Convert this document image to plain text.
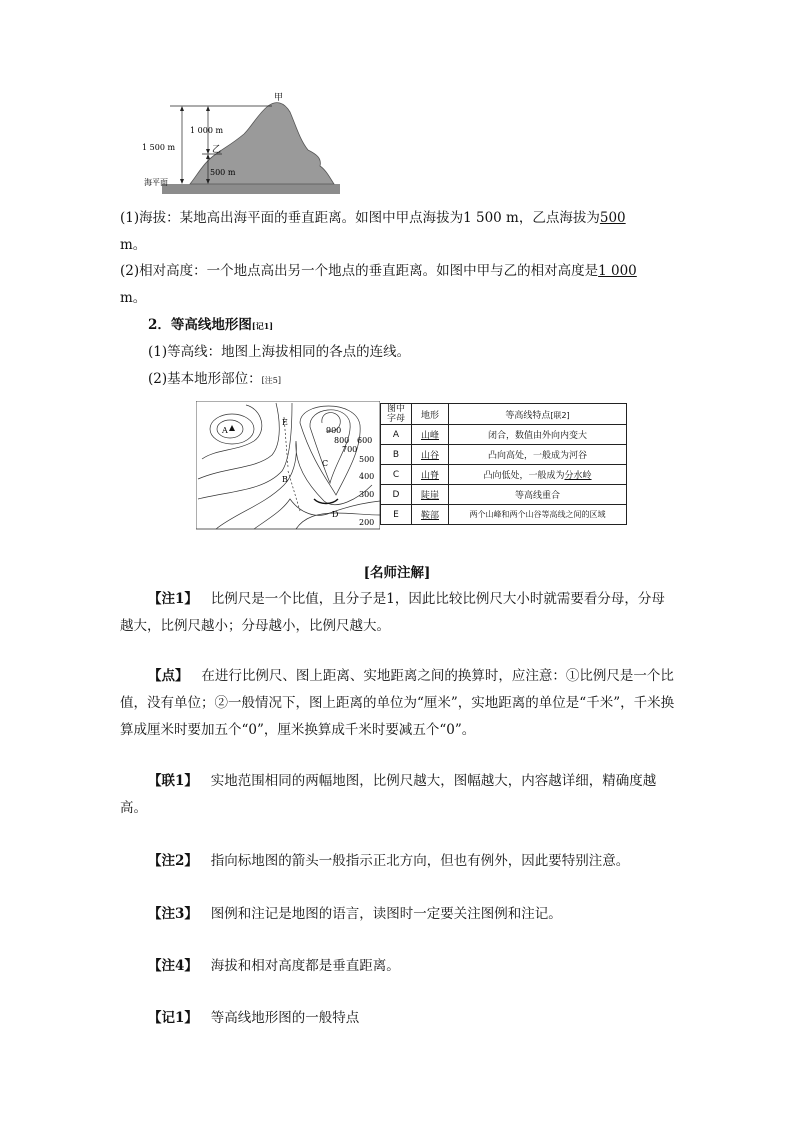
甲
乙
1 000 m
1 500 m
500 m
海平面
(1)海拔：某地高出海平面的垂直距离。如图中甲点海拔为1 500 m，乙点海拔为500
m。
(2)相对高度：一个地点高出另一个地点的垂直距离。如图中甲与乙的相对高度是1 000
m。
2．等高线地形图[记1]
(1)等高线：地图上海拔相同的各点的连线。
(2)基本地形部位：[注5]
A
B
C
D
E
900
800
700
600
500
400
300
200
图中字母	地形	等高线特点[联2]
A	山峰	闭合，数值由外向内变大
B	山谷	凸向高处，一般成为河谷
C	山脊	凸向低处，一般成为分水岭
D	陡崖	等高线重合
E	鞍部	两个山峰和两个山谷等高线之间的区域
[名师注解]
【注1】 比例尺是一个比值，且分子是1，因此比较比例尺大小时就需要看分母，分母越大，比例尺越小；分母越小，比例尺越大。
【点】 在进行比例尺、图上距离、实地距离之间的换算时，应注意：①比例尺是一个比值，没有单位；②一般情况下，图上距离的单位为“厘米”，实地距离的单位是“千米”，千米换算成厘米时要加五个“0”，厘米换算成千米时要减五个“0”。
【联1】 实地范围相同的两幅地图，比例尺越大，图幅越大，内容越详细，精确度越高。
【注2】 指向标地图的箭头一般指示正北方向，但也有例外，因此要特别注意。
【注3】 图例和注记是地图的语言，读图时一定要关注图例和注记。
【注4】 海拔和相对高度都是垂直距离。
【记1】 等高线地形图的一般特点
